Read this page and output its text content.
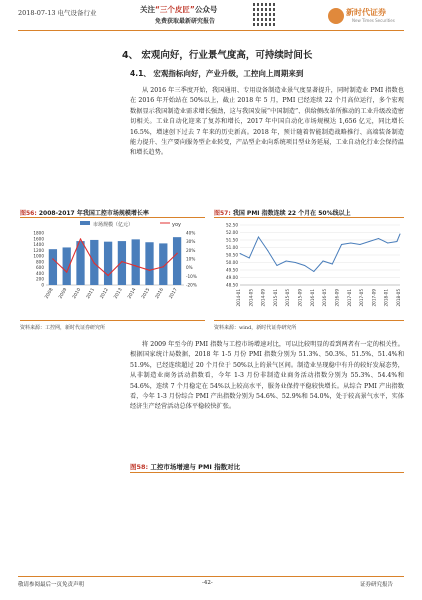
2018-07-13 电气设备行业	关注“三个皮匠”公众号
免费获取最新研究报告
新时代证券
New Times Securities
4、 宏观向好，行业景气度高，可持续时间长
4.1、 宏观指标向好，产业升级，工控向上周期来到
从 2016 年三季度开始，我国通用、专用设备制造业景气度显著提升，同时制造业 PMI 指数也在 2016 年开始站在 50%以上，截止 2018 年 5 月，PMI 已经连续 22 个月高位运行，多个宏观数据显示我国制造业需求增长强劲，这与我国发展“中国制造”、供给侧改革所推动的工业升级改造密切相关。工业自动化迎来了复苏和增长，2017 年中国自动化市场规模达 1,656 亿元，同比增长 16.5%，增速创下过去 7 年来的历史新高。2018 年，预计随着智能制造战略推行、高端装备制造能力提升、生产要向服务型企业转变，产品型企业向系统项目型业务延展，工业自动化行业会保持温和增长趋势。
图56: 2008-2017 年我国工控市场规模增长率
市场规模（亿元）	yoy
0
200
400
600
800
1000
1200
1400
1600
1800
-20%
-10%
0%
10%
20%
30%
40%
2008 2009 2010 2011 2012 2013 2014 2015 2016 2017
资料来源：工控网，新时代证券研究所
图57: 我国 PMI 指数连续 22 个月在 50%线以上
48.50
49.00
49.50
50.00
50.50
51.00
51.50
52.00
52.50
2014-01 2014-05 2014-09 2015-01 2015-05 2015-09 2016-01 2016-05 2016-09 2017-01 2017-05 2017-09 2018-01 2018-05
资料来源：wind，新时代证券研究所
将 2009 年至今的 PMI 指数与工控市场增速对比，可以比较明显的看到两者有一定的相关性。根据国家统计局数据，2018 年 1-5 月份 PMI 指数分别为 51.3%、50.3%、51.5%、51.4%和 51.9%，已经连续超过 20 个月位于 50%以上的景气区间。制造业呈现稳中有升的较好发展态势，从非制造业商务活动指数看，今年 1-3 月份非制造业商务活动指数分别为 55.3%、54.4%和 54.6%，连续 7 个月稳定在 54%以上较高水平，服务业保持平稳较快增长。从综合 PMI 产出指数看，今年 1-3 月份综合 PMI 产出指数分别为 54.6%、52.9%和 54.0%，处于较高景气水平，实体经济生产经营活动总体平稳较快扩张。
图58: 工控市场增速与 PMI 指数对比
敬请参阅最后一页免责声明	-42-	证券研究报告
